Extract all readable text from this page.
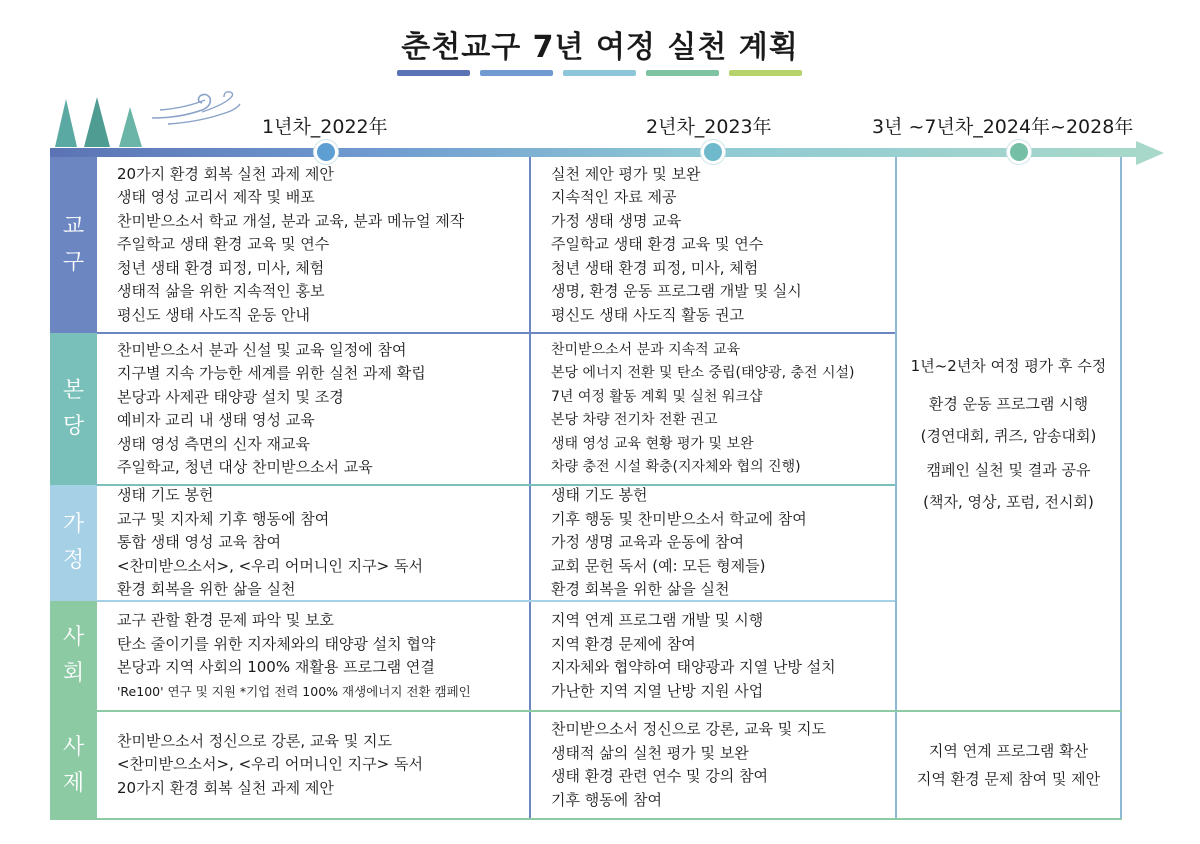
춘천교구 7년 여정 실천 계획
1년차_2022年	2년차_2023年	3년 ~7년차_2024年~2028年
교
구
본
당
가
정
사
회
사
제
20가지 환경 회복 실천 과제 제안
생태 영성 교리서 제작 및 배포
찬미받으소서 학교 개설, 분과 교육, 분과 메뉴얼 제작
주일학교 생태 환경 교육 및 연수
청년 생태 환경 피정, 미사, 체험
생태적 삶을 위한 지속적인 홍보
평신도 생태 사도직 운동 안내
실천 제안 평가 및 보완
지속적인 자료 제공
가정 생태 생명 교육
주일학교 생태 환경 교육 및 연수
청년 생태 환경 피정, 미사, 체험
생명, 환경 운동 프로그램 개발 및 실시
평신도 생태 사도직 활동 권고
찬미받으소서 분과 신설 및 교육 일정에 참여
지구별 지속 가능한 세계를 위한 실천 과제 확립
본당과 사제관 태양광 설치 및 조경
예비자 교리 내 생태 영성 교육
생태 영성 측면의 신자 재교육
주일학교, 청년 대상 찬미받으소서 교육
찬미받으소서 분과 지속적 교육
본당 에너지 전환 및 탄소 중립(태양광, 충전 시설)
7년 여정 활동 계획 및 실천 워크샵
본당 차량 전기차 전환 권고
생태 영성 교육 현황 평가 및 보완
차량 충전 시설 확충(지자체와 협의 진행)
생태 기도 봉헌
교구 및 지자체 기후 행동에 참여
통합 생태 영성 교육 참여
<찬미받으소서>, <우리 어머니인 지구> 독서
환경 회복을 위한 삶을 실천
생태 기도 봉헌
기후 행동 및 찬미받으소서 학교에 참여
가정 생명 교육과 운동에 참여
교회 문헌 독서 (예: 모든 형제들)
환경 회복을 위한 삶을 실천
교구 관할 환경 문제 파악 및 보호
탄소 줄이기를 위한 지자체와의 태양광 설치 협약
본당과 지역 사회의 100% 재활용 프로그램 연결
'Re100' 연구 및 지원 *기업 전력 100% 재생에너지 전환 캠페인
지역 연계 프로그램 개발 및 시행
지역 환경 문제에 참여
지자체와 협약하여 태양광과 지열 난방 설치
가난한 지역 지열 난방 지원 사업
찬미받으소서 정신으로 강론, 교육 및 지도
<찬미받으소서>, <우리 어머니인 지구> 독서
20가지 환경 회복 실천 과제 제안
찬미받으소서 정신으로 강론, 교육 및 지도
생태적 삶의 실천 평가 및 보완
생태 환경 관련 연수 및 강의 참여
기후 행동에 참여
1년~2년차 여정 평가 후 수정
환경 운동 프로그램 시행
(경연대회, 퀴즈, 암송대회)
캠페인 실천 및 결과 공유
(책자, 영상, 포럼, 전시회)
지역 연계 프로그램 확산
지역 환경 문제 참여 및 제안
